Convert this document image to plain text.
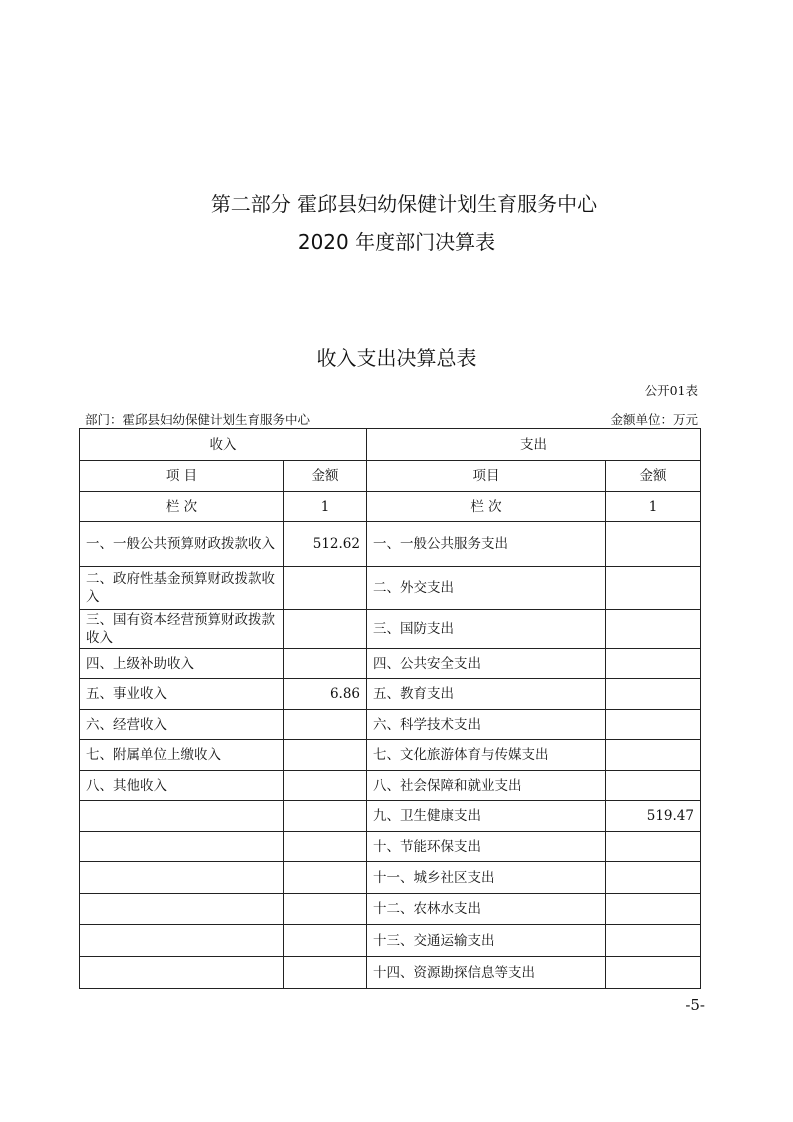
第二部分 霍邱县妇幼保健计划生育服务中心
2020 年度部门决算表
收入支出决算总表
公开01表
部门：霍邱县妇幼保健计划生育服务中心	金额单位：万元
收入		支出	
项 目	金额	项目	金额
栏 次	1	栏 次	1
一、一般公共预算财政拨款收入	512.62	一、一般公共服务支出	
二、政府性基金预算财政拨款收入		二、外交支出	
三、国有资本经营预算财政拨款收入		三、国防支出	
四、上级补助收入		四、公共安全支出	
五、事业收入	6.86	五、教育支出	
六、经营收入		六、科学技术支出	
七、附属单位上缴收入		七、文化旅游体育与传媒支出	
八、其他收入		八、社会保障和就业支出	
		九、卫生健康支出	519.47
		十、节能环保支出	
		十一、城乡社区支出	
		十二、农林水支出	
		十三、交通运输支出	
		十四、资源勘探信息等支出	
-5-
